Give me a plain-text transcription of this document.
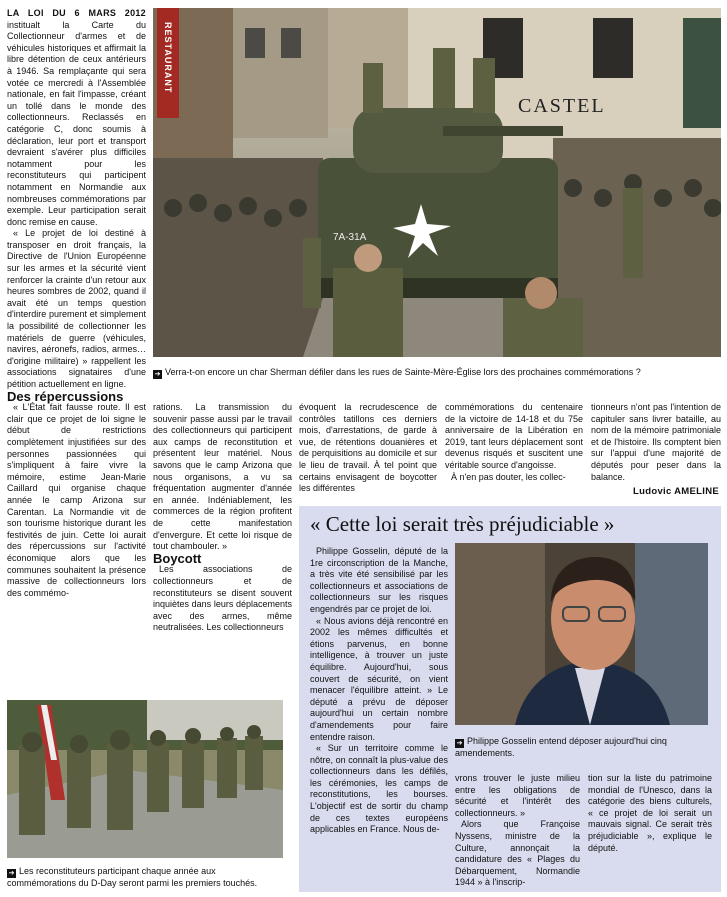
LA LOI DU 6 MARS 2012 institualt la Carte du Collectionneur d'armes et de véhicules historiques et affirmait la libre détention de ceux antérieurs à 1946. Sa remplaçante qui sera votée ce mercredi à l'Assemblée nationale, en fait l'impasse, créant un tollé dans le monde des collectionneurs. Reclassés en catégorie C, donc soumis à déclaration, leur port et transport devraient s'avérer plus difficiles notamment pour les reconstituteurs qui participent notamment en Normandie aux nombreuses commémorations par exemple. Leur participation serait donc remise en cause.

« Le projet de loi destiné à transposer en droit français, la Directive de l'Union Européenne sur les armes et la sécurité vient renforcer la crainte d'un retour aux heures sombres de 2002, quand il avait été un temps question d'interdire purement et simplement la possibilité de collectionner les matériels de guerre (véhicules, navires, aéronefs, radios, armes… d'origine militaire) » rappellent les associations signataires d'une pétition actuellement en ligne.

Des répercussions

« L'État fait fausse route. Il est clair que ce projet de loi signe le début de restrictions complètement injustifiées sur des personnes passionnées qui s'impliquent à faire vivre la mémoire, estime Jean-Marie Caillard qui organise chaque année le camp Arizona sur Carentan. La Normandie vit de son tourisme historique durant les festivités de juin. Cette loi aurait des répercussions sur l'activité économique alors que les communes souhaitent la présence massive de collectionneurs lors des commémo-

RESTAURANT
CASTEL
7A-31A
➔ Verra-t-on encore un char Sherman défiler dans les rues de Sainte-Mère-Église lors des prochaines commémorations ?

rations. La transmission du souvenir passe aussi par le travail des collectionneurs qui participent aux camps de reconstitution et présentent leur matériel. Nous savons que le camp Arizona que nous organisons, a vu sa fréquentation augmenter d'année en année. Indéniablement, les commerces de la région profitent de cette manifestation d'envergure. Et cette loi risque de tout chambouler. »

Boycott

Les associations de collectionneurs et de reconstituteurs se disent souvent inquiètes dans leurs déplacements avec des armes, même neutralisées. Les collectionneurs

évoquent la recrudescence de contrôles tatillons ces derniers mois, d'arrestations, de garde à vue, de rétentions douanières et de perquisitions au domicile et sur le lieu de travail. À tel point que certains envisagent de boycotter les différentes

commémorations du centenaire de la victoire de 14-18 et du 75e anniversaire de la Libération en 2019, tant leurs déplacement sont devenus risqués et suscitent une véritable source d'angoisse.

À n'en pas douter, les collec-

tionneurs n'ont pas l'intention de capituler sans livrer bataille, au nom de la mémoire patrimoniale et de l'histoire. Ils comptent bien sur l'appui d'une majorité de députés pour peser dans la balance.

Ludovic AMELINE
« Cette loi serait très préjudiciable »

Philippe Gosselin, député de la 1re circonscription de la Manche, a très vite été sensibilisé par les collectionneurs et associations de collectionneurs sur les risques engendrés par ce projet de loi.

« Nous avions déjà rencontré en 2002 les mêmes difficultés et étions parvenus, en bonne intelligence, à trouver un juste équilibre. Aujourd'hui, sous couvert de sécurité, on vient menacer l'équilibre atteint. » Le député a prévu de déposer aujourd'hui un certain nombre d'amendements pour faire entendre raison.

« Sur un territoire comme le nôtre, on connaît la plus-value des collectionneurs dans les défilés, les cérémonies, les camps de reconstitutions, les bourses. L'objectif est de sortir du champ de ces textes européens applicables en France. Nous de-

➔ Philippe Gosselin entend déposer aujourd'hui cinq amendements.

vrons trouver le juste milieu entre les obligations de sécurité et l'intérêt des collectionneurs. »

Alors que Françoise Nyssens, ministre de la Culture, annonçait la candidature des « Plages du Débarquement, Normandie 1944 » à l'inscrip-

tion sur la liste du patrimoine mondial de l'Unesco, dans la catégorie des biens culturels, « ce projet de loi serait un mauvais signal. Ce serait très préjudiciable », explique le député.

➔ Les reconstituteurs participant chaque année aux commémorations du D-Day seront parmi les premiers touchés.
